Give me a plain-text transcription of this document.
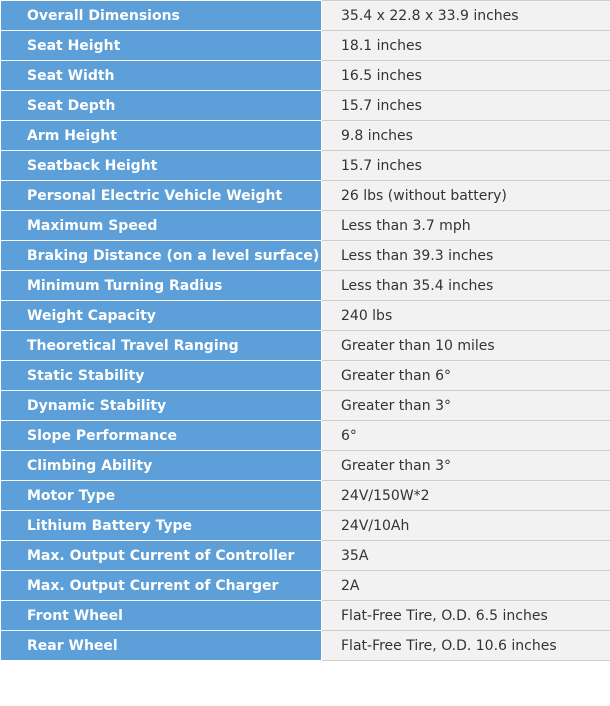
Overall Dimensions	35.4 x 22.8 x 33.9 inches
Seat Height	18.1 inches
Seat Width	16.5 inches
Seat Depth	15.7 inches
Arm Height	9.8 inches
Seatback Height	15.7 inches
Personal Electric Vehicle Weight	26 lbs (without battery)
Maximum Speed	Less than 3.7 mph
Braking Distance (on a level surface)	Less than 39.3 inches
Minimum Turning Radius	Less than 35.4 inches
Weight Capacity	240 lbs
Theoretical Travel Ranging	Greater than 10 miles
Static Stability	Greater than 6°
Dynamic Stability	Greater than 3°
Slope Performance	6°
Climbing Ability	Greater than 3°
Motor Type	24V/150W*2
Lithium Battery Type	24V/10Ah
Max. Output Current of Controller	35A
Max. Output Current of Charger	2A
Front Wheel	Flat-Free Tire, O.D. 6.5 inches
Rear Wheel	Flat-Free Tire, O.D. 10.6 inches
